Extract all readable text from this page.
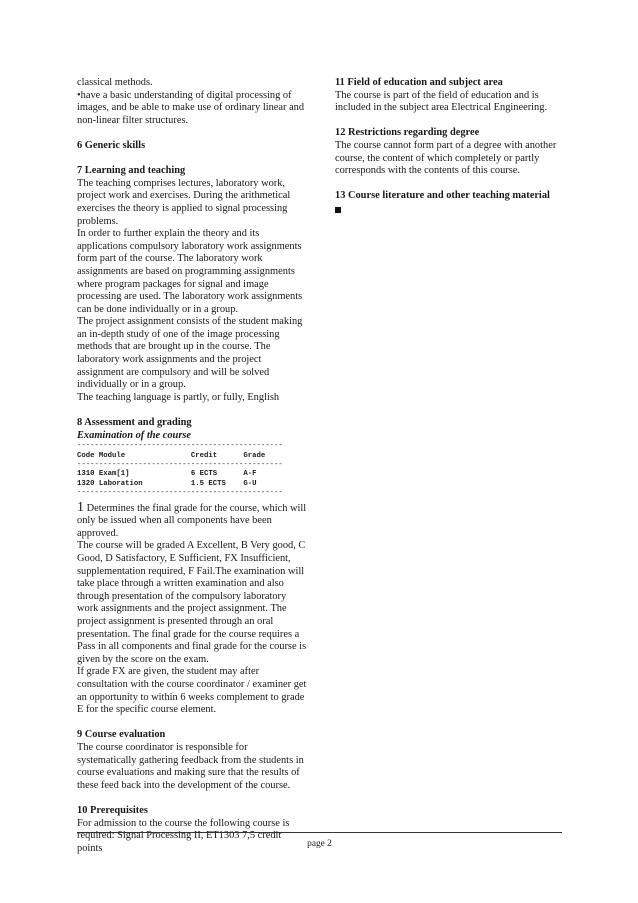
classical methods.

•have a basic understanding of digital processing of images, and be able to make use of ordinary linear and non-linear filter structures.

6 Generic skills

7 Learning and teaching

The teaching comprises lectures, laboratory work, project work and exercises. During the arithmetical exercises the theory is applied to signal processing problems.

In order to further explain the theory and its applications compulsory laboratory work assignments form part of the course. The laboratory work assignments are based on programming assignments where program packages for signal and image processing are used. The laboratory work assignments can be done individually or in a group.

The project assignment consists of the student making an in-depth study of one of the image processing methods that are brought up in the course. The laboratory work assignments and the project assignment are compulsory and will be solved individually or in a group.

The teaching language is partly, or fully, English

8 Assessment and grading

Examination of the course

-----------------------------------------------
Code Module               Credit      Grade
-----------------------------------------------
1310 Exam[1]              6 ECTS      A-F
1320 Laboration           1.5 ECTS    G-U
-----------------------------------------------

1 Determines the final grade for the course, which will only be issued when all components have been approved.

The course will be graded A Excellent, B Very good, C Good, D Satisfactory, E Sufficient, FX Insufficient, supplementation required, F Fail.The examination will take place through a written examination and also through presentation of the compulsory laboratory work assignments and the project assignment. The project assignment is presented through an oral presentation. The final grade for the course requires a Pass in all components and final grade for the course is given by the score on the exam.

If grade FX are given, the student may after consultation with the course coordinator / examiner get an opportunity to within 6 weeks complement to grade E for the specific course element.

9 Course evaluation

The course coordinator is responsible for systematically gathering feedback from the students in course evaluations and making sure that the results of these feed back into the development of the course.

10 Prerequisites

For admission to the course the following course is required: Signal Processing II, ET1303 7,5 credit points

11 Field of education and subject area

The course is part of the field of education and is included in the subject area Electrical Engineering.

12 Restrictions regarding degree

The course cannot form part of a degree with another course, the content of which completely or partly corresponds with the contents of this course.

13 Course literature and other teaching material

page 2
